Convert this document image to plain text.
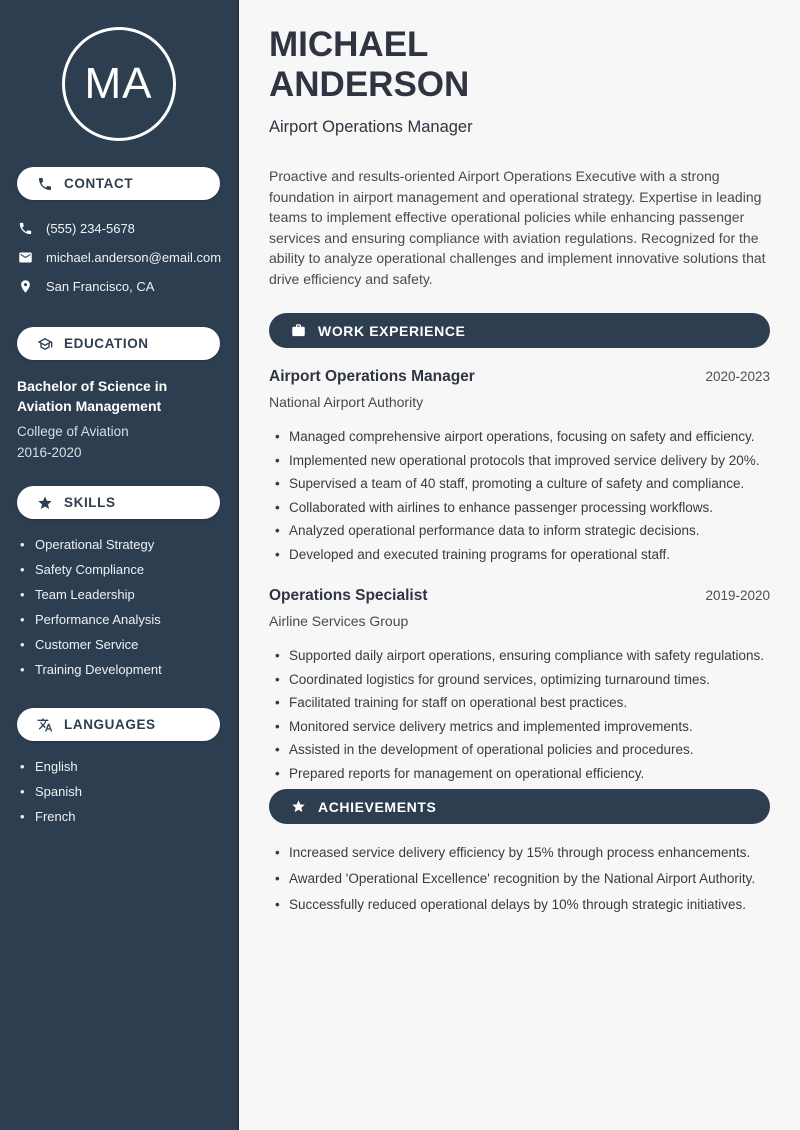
MA
CONTACT
(555) 234-5678
michael.anderson@email.com
San Francisco, CA
EDUCATION
Bachelor of Science in Aviation Management
College of Aviation
2016-2020
SKILLS
• Operational Strategy
• Safety Compliance
• Team Leadership
• Performance Analysis
• Customer Service
• Training Development
LANGUAGES
• English
• Spanish
• French
MICHAEL
ANDERSON
Airport Operations Manager

Proactive and results-oriented Airport Operations Executive with a strong foundation in airport management and operational strategy. Expertise in leading teams to implement effective operational policies while enhancing passenger services and ensuring compliance with aviation regulations. Recognized for the ability to analyze operational challenges and implement innovative solutions that drive efficiency and safety.

WORK EXPERIENCE
Airport Operations Manager	2020-2023
National Airport Authority
• Managed comprehensive airport operations, focusing on safety and efficiency.
• Implemented new operational protocols that improved service delivery by 20%.
• Supervised a team of 40 staff, promoting a culture of safety and compliance.
• Collaborated with airlines to enhance passenger processing workflows.
• Analyzed operational performance data to inform strategic decisions.
• Developed and executed training programs for operational staff.
Operations Specialist	2019-2020
Airline Services Group
• Supported daily airport operations, ensuring compliance with safety regulations.
• Coordinated logistics for ground services, optimizing turnaround times.
• Facilitated training for staff on operational best practices.
• Monitored service delivery metrics and implemented improvements.
• Assisted in the development of operational policies and procedures.
• Prepared reports for management on operational efficiency.
ACHIEVEMENTS
• Increased service delivery efficiency by 15% through process enhancements.
• Awarded 'Operational Excellence' recognition by the National Airport Authority.
• Successfully reduced operational delays by 10% through strategic initiatives.
